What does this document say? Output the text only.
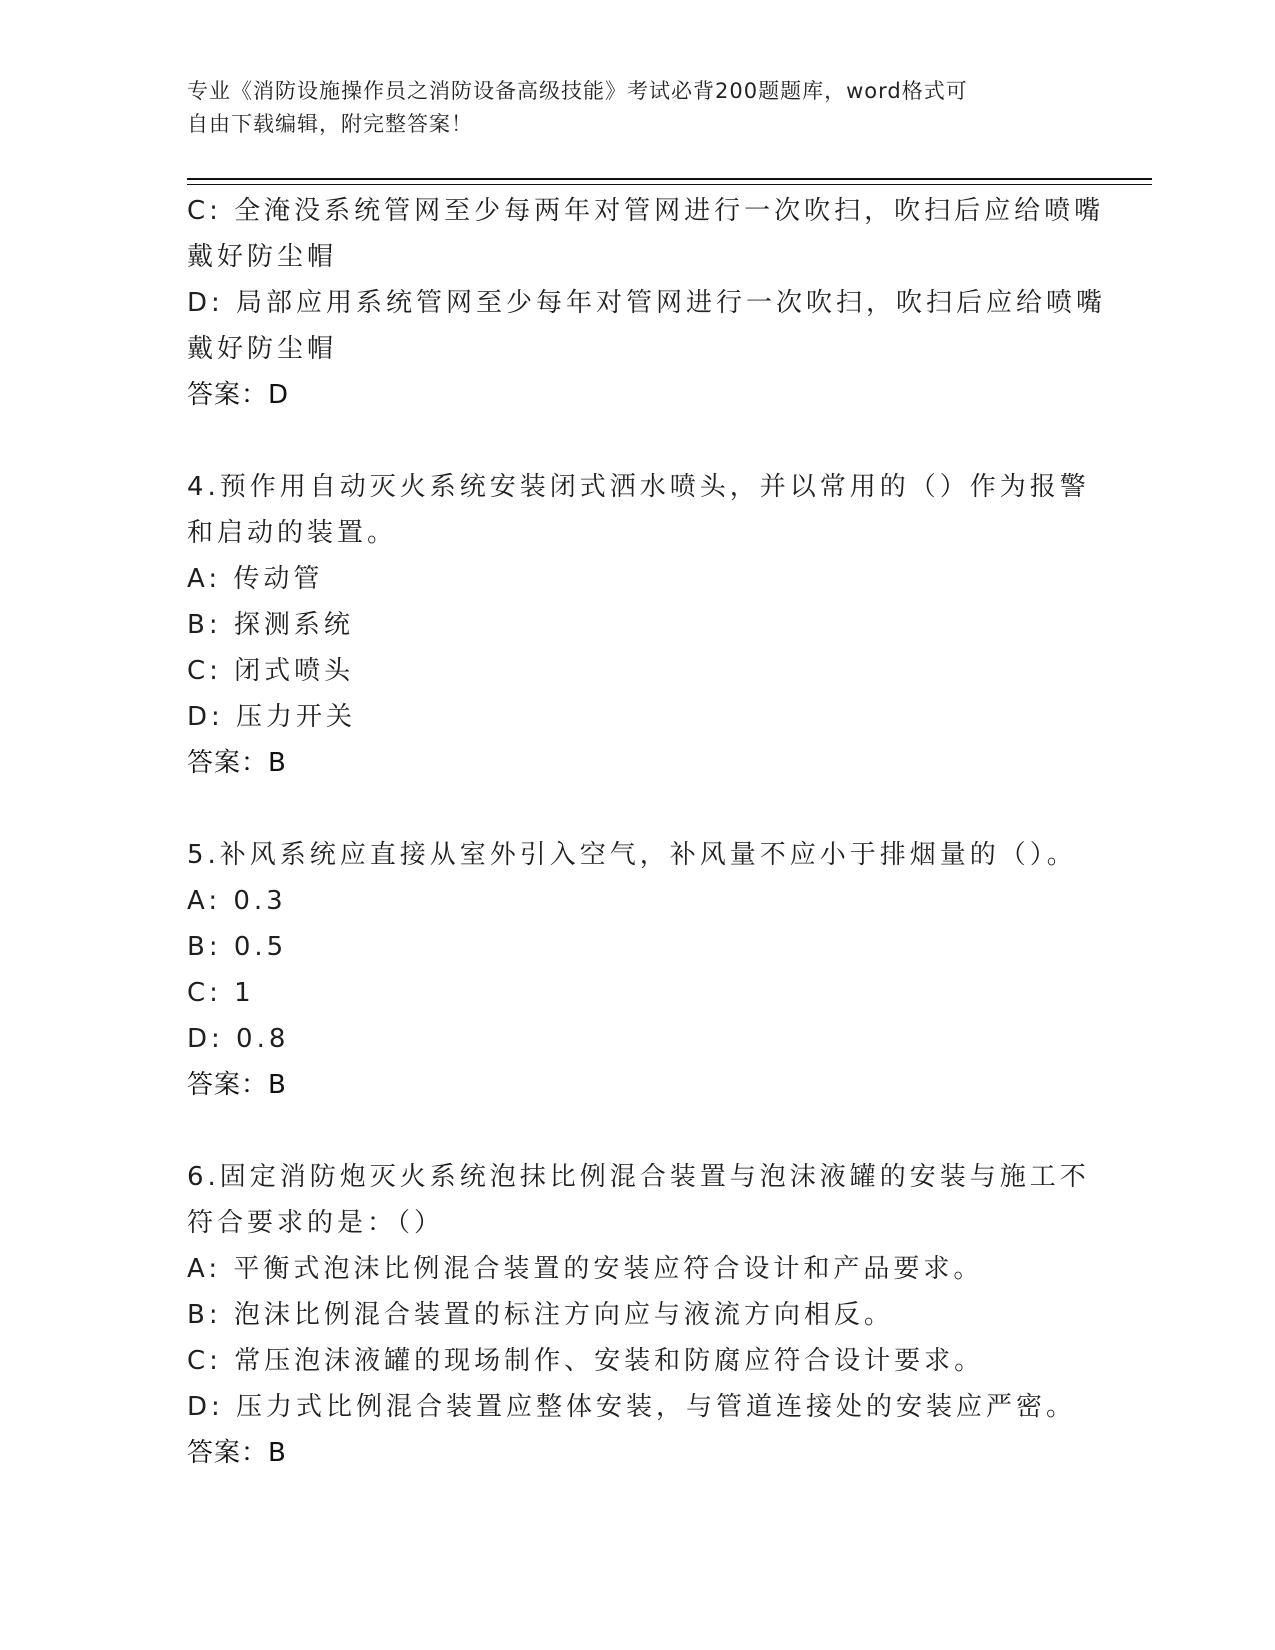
专业《消防设施操作员之消防设备高级技能》考试必背200题题库，word格式可
自由下载编辑，附完整答案！
C: 全淹没系统管网至少每两年对管网进行一次吹扫，吹扫后应给喷嘴
戴好防尘帽
D: 局部应用系统管网至少每年对管网进行一次吹扫，吹扫后应给喷嘴
戴好防尘帽
答案：D
4.预作用自动灭火系统安装闭式洒水喷头，并以常用的（）作为报警
和启动的装置。
A: 传动管
B: 探测系统
C: 闭式喷头
D: 压力开关
答案：B
5.补风系统应直接从室外引入空气，补风量不应小于排烟量的（）。
A: 0.3
B: 0.5
C: 1
D: 0.8
答案：B
6.固定消防炮灭火系统泡抹比例混合装置与泡沫液罐的安装与施工不
符合要求的是：（）
A: 平衡式泡沫比例混合装置的安装应符合设计和产品要求。
B: 泡沫比例混合装置的标注方向应与液流方向相反。
C: 常压泡沫液罐的现场制作、安装和防腐应符合设计要求。
D: 压力式比例混合装置应整体安装，与管道连接处的安装应严密。
答案：B
